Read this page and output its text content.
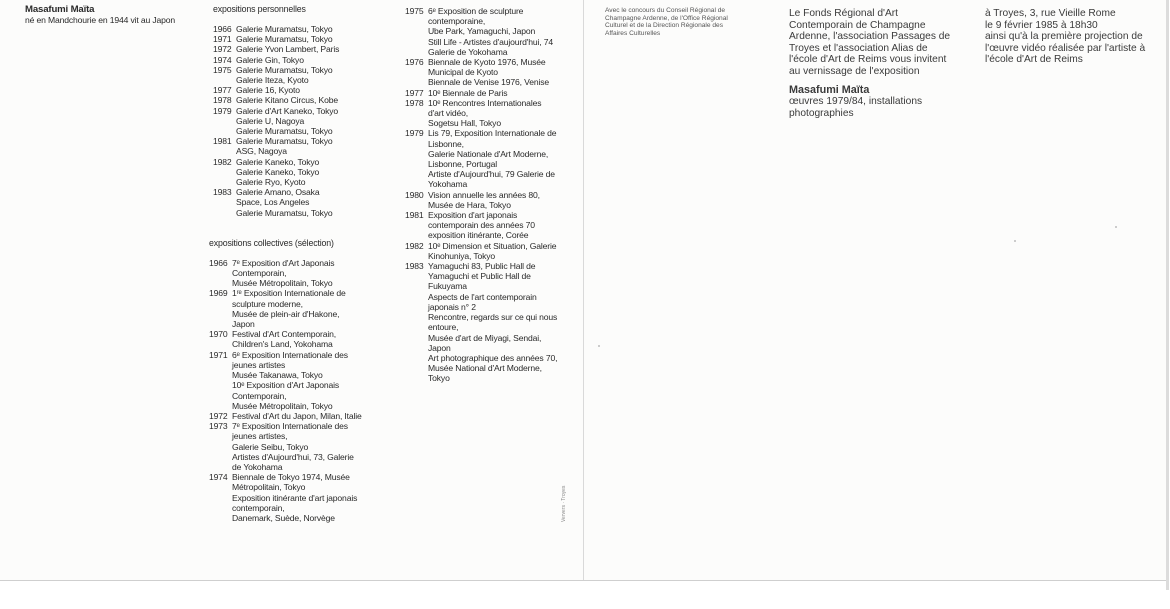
Masafumi Maïta
né en Mandchourie en 1944 vit au Japon
expositions personnelles
1966 Galerie Muramatsu, Tokyo
1971 Galerie Muramatsu, Tokyo
1972 Galerie Yvon Lambert, Paris
1974 Galerie Gin, Tokyo
1975 Galerie Muramatsu, Tokyo
Galerie Iteza, Kyoto
1977 Galerie 16, Kyoto
1978 Galerie Kitano Circus, Kobe
1979 Galerie d'Art Kaneko, Tokyo
Galerie U, Nagoya
Galerie Muramatsu, Tokyo
1981 Galerie Muramatsu, Tokyo
ASG, Nagoya
1982 Galerie Kaneko, Tokyo
Galerie Kaneko, Tokyo
Galerie Ryo, Kyoto
1983 Galerie Amano, Osaka
Space, Los Angeles
Galerie Muramatsu, Tokyo
expositions collectives (sélection)
1966 7ᵉ Exposition d'Art Japonais
Contemporain,
Musée Métropolitain, Tokyo
1969 1ʳᵉ Exposition Internationale de
sculpture moderne,
Musée de plein-air d'Hakone,
Japon
1970 Festival d'Art Contemporain,
Children's Land, Yokohama
1971 6ᵉ Exposition Internationale des
jeunes artistes
Musée Takanawa, Tokyo
10ᵉ Exposition d'Art Japonais
Contemporain,
Musée Métropolitain, Tokyo
1972 Festival d'Art du Japon, Milan, Italie
1973 7ᵉ Exposition Internationale des
jeunes artistes,
Galerie Seibu, Tokyo
Artistes d'Aujourd'hui, 73, Galerie
de Yokohama
1974 Biennale de Tokyo 1974, Musée
Métropolitain, Tokyo
Exposition itinérante d'art japonais
contemporain,
Danemark, Suède, Norvège
1975 6ᵉ Exposition de sculpture
contemporaine,
Ube Park, Yamaguchi, Japon
Still Life - Artistes d'aujourd'hui, 74
Galerie de Yokohama
1976 Biennale de Kyoto 1976, Musée
Municipal de Kyoto
Biennale de Venise 1976, Venise
1977 10ᵉ Biennale de Paris
1978 10ᵉ Rencontres Internationales
d'art vidéo,
Sogetsu Hall, Tokyo
1979 Lis 79, Exposition Internationale de
Lisbonne,
Galerie Nationale d'Art Moderne,
Lisbonne, Portugal
Artiste d'Aujourd'hui, 79 Galerie de
Yokohama
1980 Vision annuelle les années 80,
Musée de Hara, Tokyo
1981 Exposition d'art japonais
contemporain des années 70
exposition itinérante, Corée
1982 10ᵉ Dimension et Situation, Galerie
Kinohuniya, Tokyo
1983 Yamaguchi 83, Public Hall de
Yamaguchi et Public Hall de
Fukuyama
Aspects de l'art contemporain
japonais n° 2
Rencontre, regards sur ce qui nous
entoure,
Musée d'art de Miyagi, Sendai,
Japon
Art photographique des années 70,
Musée National d'Art Moderne,
Tokyo
Avec le concours du Conseil Régional de
Champagne Ardenne, de l'Office Régional
Culturel et de la Direction Régionale des
Affaires Culturelles
Le Fonds Régional d'Art
Contemporain de Champagne
Ardenne, l'association Passages de
Troyes et l'association Alias de
l'école d'Art de Reims vous invitent
au vernissage de l'exposition
Masafumi Maïta
œuvres 1979/84, installations
photographies
à Troyes, 3, rue Vieille Rome
le 9 février 1985 à 18h30
ainsi qu'à la première projection de
l'œuvre vidéo réalisée par l'artiste à
l'école d'Art de Reims
Ververs · Troyes
